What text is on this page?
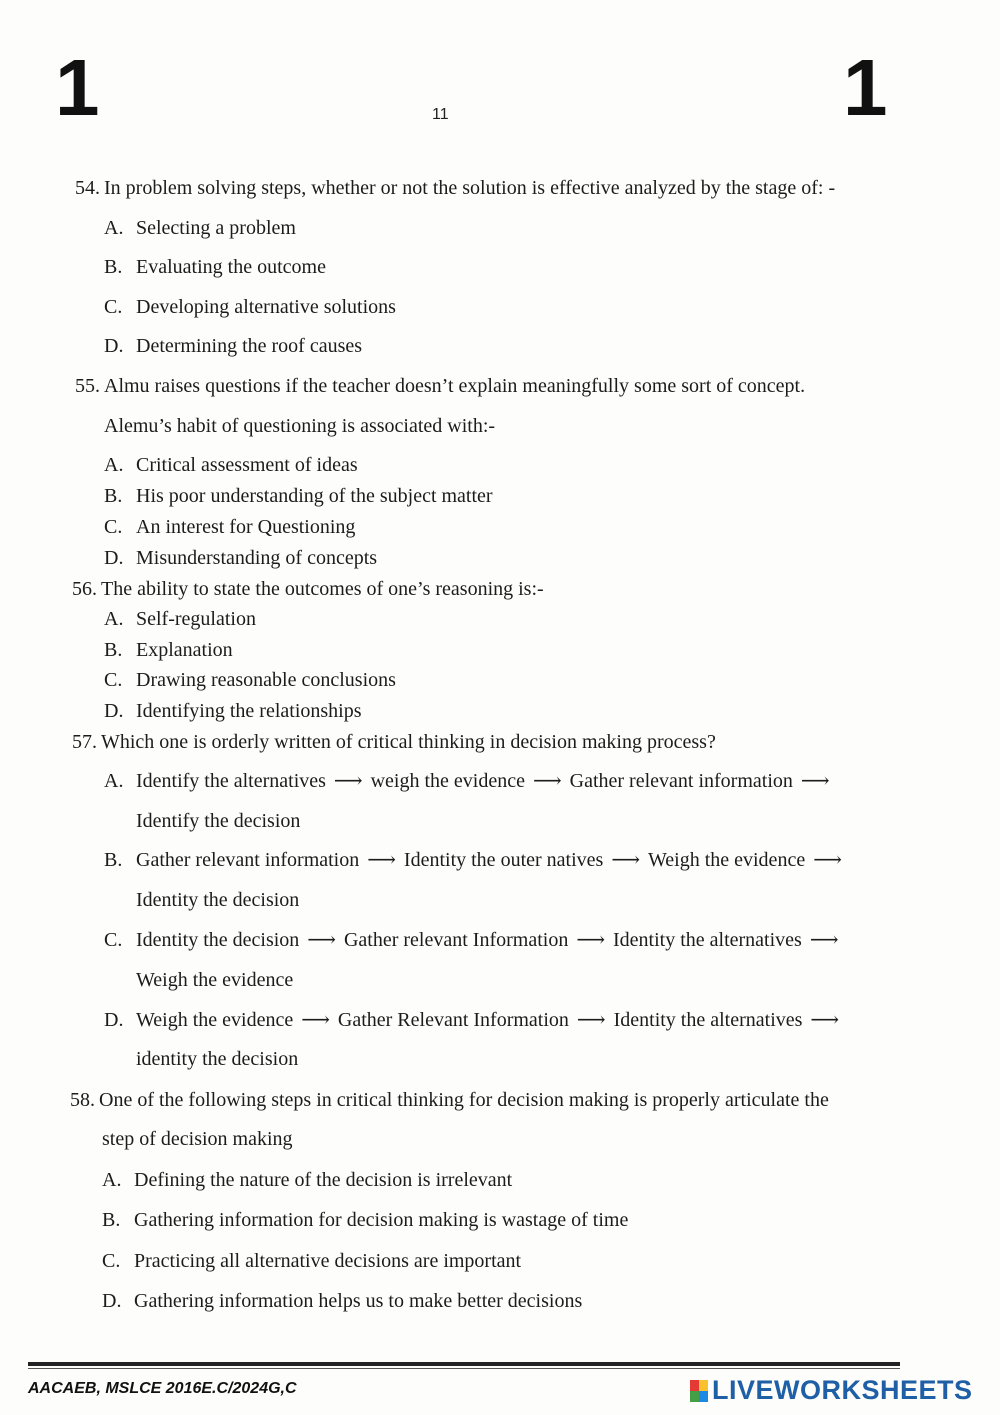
1	11	1
54. In problem solving steps, whether or not the solution is effective analyzed by the stage of: -
A. Selecting a problem
B. Evaluating the outcome
C. Developing alternative solutions
D. Determining the roof causes
55. Almu raises questions if the teacher doesn’t explain meaningfully some sort of concept.
Alemu’s habit of questioning is associated with:-
A. Critical assessment of ideas
B. His poor understanding of the subject matter
C. An interest for Questioning
D. Misunderstanding of concepts
56. The ability to state the outcomes of one’s reasoning is:-
A. Self-regulation
B. Explanation
C. Drawing reasonable conclusions
D. Identifying the relationships
57. Which one is orderly written of critical thinking in decision making process?
A. Identify the alternatives ⟶ weigh the evidence ⟶ Gather relevant information ⟶
Identify the decision
B. Gather relevant information ⟶ Identity the outer natives ⟶ Weigh the evidence ⟶
Identity the decision
C. Identity the decision ⟶ Gather relevant Information ⟶ Identity the alternatives ⟶
Weigh the evidence
D. Weigh the evidence ⟶ Gather Relevant Information ⟶ Identity the alternatives ⟶
identity the decision
58. One of the following steps in critical thinking for decision making is properly articulate the
step of decision making
A. Defining the nature of the decision is irrelevant
B. Gathering information for decision making is wastage of time
C. Practicing all alternative decisions are important
D. Gathering information helps us to make better decisions
AACAEB, MSLCE 2016E.C/2024G,C	LIVEWORKSHEETS
